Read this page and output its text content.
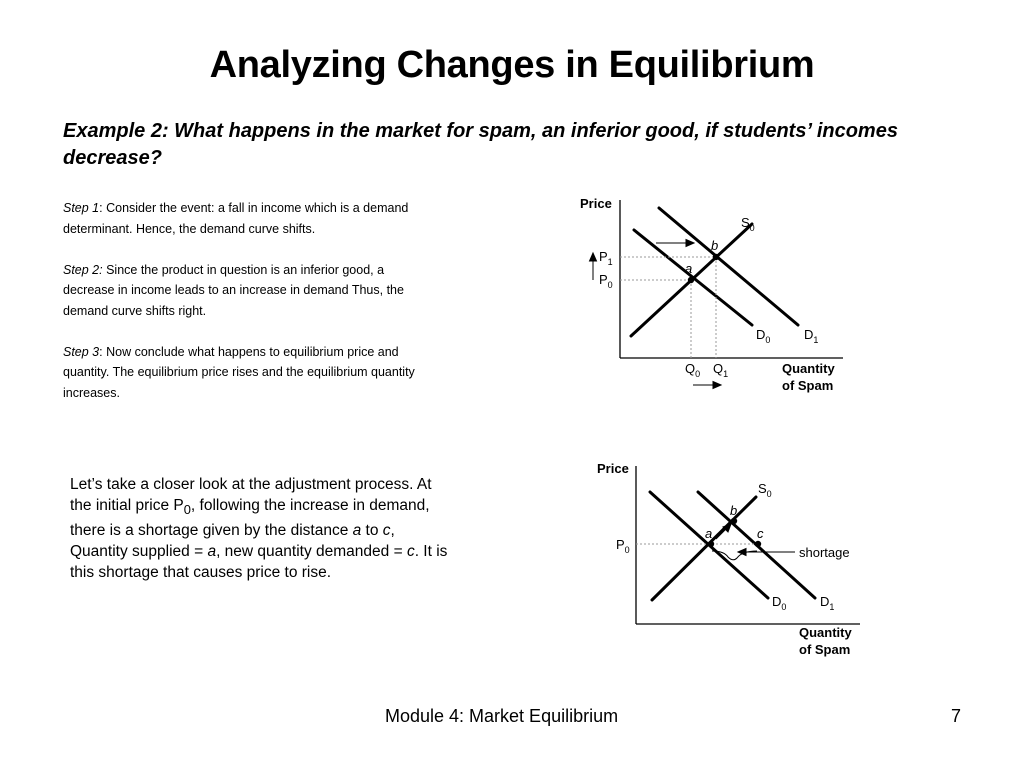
Analyzing Changes in Equilibrium

Example 2: What happens in the market for spam, an inferior good, if students’ incomes decrease?

Step 1: Consider the event: a fall in income which is a demand determinant. Hence, the demand curve shifts.

Step 2: Since the product in question is an inferior good, a decrease in income leads to an increase in demand Thus, the demand curve shifts right.

Step 3: Now conclude what happens to equilibrium price and quantity. The equilibrium price rises and the equilibrium quantity increases.

Let’s take a closer look at the adjustment process. At the initial price $P_0$, following the increase in demand, there is a shortage given by the distance a to c, Quantity supplied = a, new quantity demanded = c. It is this shortage that causes price to rise.

Price
$S_0$
$D_0$	$D_1$
$P_1$
$P_0$
$Q_0$ $Q_1$
a
b
Quantity
of Spam
Price
$S_0$
$D_0$	$D_1$
$P_0$
a
b
c
shortage
Quantity
of Spam
Module 4: Market Equilibrium	7
